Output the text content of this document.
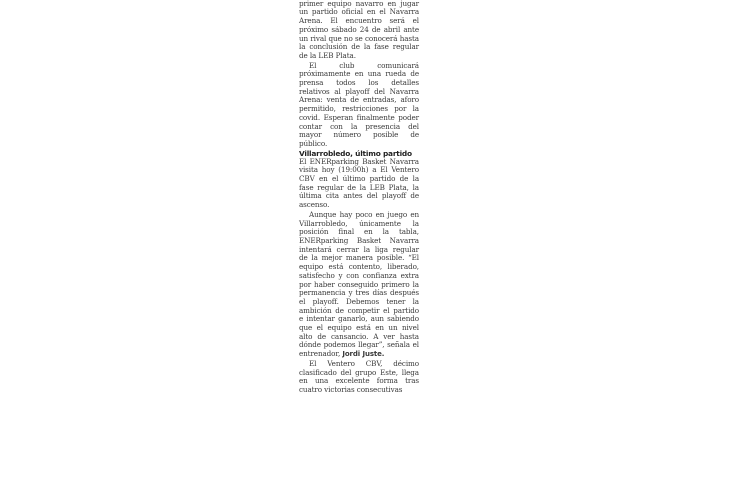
primer equipo navarro en jugar un partido oficial en el Navarra Arena. El encuentro será el próximo sábado 24 de abril ante un rival que no se conocerá hasta la conclusión de la fase regular de la LEB Plata.

El club comunicará próximamente en una rueda de prensa todos los detalles relativos al playoff del Navarra Arena: venta de entradas, aforo permitido, restricciones por la covid. Esperan finalmente poder contar con la presencia del mayor número posible de público.

Villarrobledo, último partido

El ENERparking Basket Navarra visita hoy (19:00h) a El Ventero CBV en el último partido de la fase regular de la LEB Plata, la última cita antes del playoff de ascenso.

Aunque hay poco en juego en Villarrobledo, únicamente la posición final en la tabla, ENERparking Basket Navarra intentará cerrar la liga regular de la mejor manera posible. “El equipo está contento, liberado, satisfecho y con confianza extra por haber conseguido primero la permanencia y tres días después el playoff. Debemos tener la ambición de competir el partido e intentar ganarlo, aun sabiendo que el equipo está en un nivel alto de cansancio. A ver hasta dónde podemos llegar”, señala el entrenador, Jordi Juste.

El Ventero CBV, décimo clasificado del grupo Este, llega en una excelente forma tras cuatro victorias consecutivas
